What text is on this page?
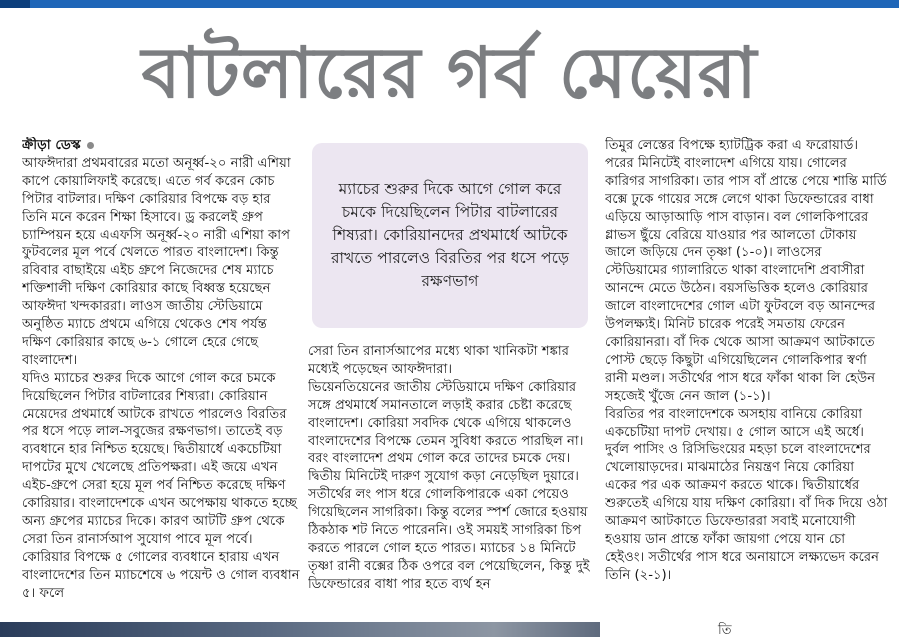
বাটলারের গর্ব মেয়েরা
ক্রীড়া ডেস্ক

আফঈদারা প্রথমবারের মতো অনূর্ধ্ব-২০ নারী এশিয়া কাপে কোয়ালিফাই করেছে। এতে গর্ব করেন কোচ পিটার বাটলার। দক্ষিণ কোরিয়ার বিপক্ষে বড় হার তিনি মনে করেন শিক্ষা হিসাবে। ড্র করলেই গ্রুপ চ্যাম্পিয়ন হয়ে এএফসি অনূর্ধ্ব-২০ নারী এশিয়া কাপ ফুটবলের মূল পর্বে খেলতে পারত বাংলাদেশ। কিন্তু রবিবার বাছাইয়ে এইচ গ্রুপে নিজেদের শেষ ম্যাচে শক্তিশালী দক্ষিণ কোরিয়ার কাছে বিধ্বস্ত হয়েছেন আফঈদা খন্দকাররা। লাওস জাতীয় স্টেডিয়ামে অনুষ্ঠিত ম্যাচে প্রথমে এগিয়ে থেকেও শেষ পর্যন্ত দক্ষিণ কোরিয়ার কাছে ৬-১ গোলে হেরে গেছে বাংলাদেশ।

যদিও ম্যাচের শুরুর দিকে আগে গোল করে চমকে দিয়েছিলেন পিটার বাটলারের শিষ্যরা। কোরিয়ান মেয়েদের প্রথমার্ধে আটকে রাখতে পারলেও বিরতির পর ধসে পড়ে লাল-সবুজের রক্ষণভাগ। তাতেই বড় ব্যবধানে হার নিশ্চিত হয়েছে। দ্বিতীয়ার্ধে একচেটিয়া দাপটের মুখে খেলেছে প্রতিপক্ষরা। এই জয়ে এখন এইচ-গ্রুপে সেরা হয়ে মূল পর্ব নিশ্চিত করেছে দক্ষিণ কোরিয়ার। বাংলাদেশকে এখন অপেক্ষায় থাকতে হচ্ছে অন্য গ্রুপের ম্যাচের দিকে। কারণ আটটি গ্রুপ থেকে সেরা তিন রানার্সআপ সুযোগ পাবে মূল পর্বে। কোরিয়ার বিপক্ষে ৫ গোলের ব্যবধানে হারায় এখন বাংলাদেশের তিন ম্যাচশেষে ৬ পয়েন্ট ও গোল ব্যবধান ৫। ফলে

ম্যাচের শুরুর দিকে আগে গোল করে চমকে দিয়েছিলেন পিটার বাটলারের শিষ্যরা। কোরিয়ানদের প্রথমার্ধে আটকে রাখতে পারলেও বিরতির পর ধসে পড়ে রক্ষণভাগ

সেরা তিন রানার্সআপের মধ্যে থাকা খানিকটা শঙ্কার মধ্যেই পড়েছেন আফঈদারা।

ভিয়েনতিয়েনের জাতীয় স্টেডিয়ামে দক্ষিণ কোরিয়ার সঙ্গে প্রথমার্ধে সমানতালে লড়াই করার চেষ্টা করেছে বাংলাদেশ। কোরিয়া সবদিক থেকে এগিয়ে থাকলেও বাংলাদেশের বিপক্ষে তেমন সুবিধা করতে পারছিল না। বরং বাংলাদেশ প্রথম গোল করে তাদের চমকে দেয়। দ্বিতীয় মিনিটেই দারুণ সুযোগ কড়া নেড়েছিল দুয়ারে। সতীর্থের লং পাস ধরে গোলকিপারকে একা পেয়েও গিয়েছিলেন সাগরিকা। কিন্তু বলের স্পর্শ জোরে হওয়ায় ঠিকঠাক শট নিতে পারেননি। ওই সময়ই সাগরিকা চিপ করতে পারলে গোল হতে পারত। ম্যাচের ১৪ মিনিটে তৃষ্ণা রানী বক্সের ঠিক ওপরে বল পেয়েছিলেন, কিন্তু দুই ডিফেন্ডারের বাধা পার হতে ব্যর্থ হন

তিমুর লেস্তের বিপক্ষে হ্যাটট্রিক করা এ ফরোয়ার্ড। পরের মিনিটেই বাংলাদেশ এগিয়ে যায়। গোলের কারিগর সাগরিকা। তার পাস বাঁ প্রান্তে পেয়ে শান্তি মার্ডি বক্সে ঢুকে গায়ের সঙ্গে লেগে থাকা ডিফেন্ডারের বাধা এড়িয়ে আড়াআড়ি পাস বাড়ান। বল গোলকিপারের গ্লাভস ছুঁয়ে বেরিয়ে যাওয়ার পর আলতো টোকায় জালে জড়িয়ে দেন তৃষ্ণা (১-০)। লাওসের স্টেডিয়ামের গ্যালারিতে থাকা বাংলাদেশি প্রবাসীরা আনন্দে মেতে উঠেন। বয়সভিত্তিক হলেও কোরিয়ার জালে বাংলাদেশের গোল এটা ফুটবলে বড় আনন্দের উপলক্ষ্যই। মিনিট চারেক পরেই সমতায় ফেরেন কোরিয়ানরা। বাঁ দিক থেকে আসা আক্রমণ আটকাতে পোস্ট ছেড়ে কিছুটা এগিয়েছিলেন গোলকিপার স্বর্ণা রানী মণ্ডল। সতীর্থের পাস ধরে ফাঁকা থাকা লি হেউন সহজেই খুঁজে নেন জাল (১-১)।

বিরতির পর বাংলাদেশকে অসহায় বানিয়ে কোরিয়া একচেটিয়া দাপট দেখায়। ৫ গোল আসে এই অর্ধে। দুর্বল পাসিং ও রিসিভিংয়ের মহড়া চলে বাংলাদেশের খেলোয়াড়দের। মাঝমাঠের নিয়ন্ত্রণ নিয়ে কোরিয়া একের পর এক আক্রমণ করতে থাকে। দ্বিতীয়ার্ধের শুরুতেই এগিয়ে যায় দক্ষিণ কোরিয়া। বাঁ দিক দিয়ে ওঠা আক্রমণ আটকাতে ডিফেন্ডাররা সবাই মনোযোগী হওয়ায় ডান প্রান্তে ফাঁকা জায়গা পেয়ে যান চো হেইওং। সতীর্থের পাস ধরে অনায়াসে লক্ষ্যভেদ করেন তিনি (২-১)।

তি
